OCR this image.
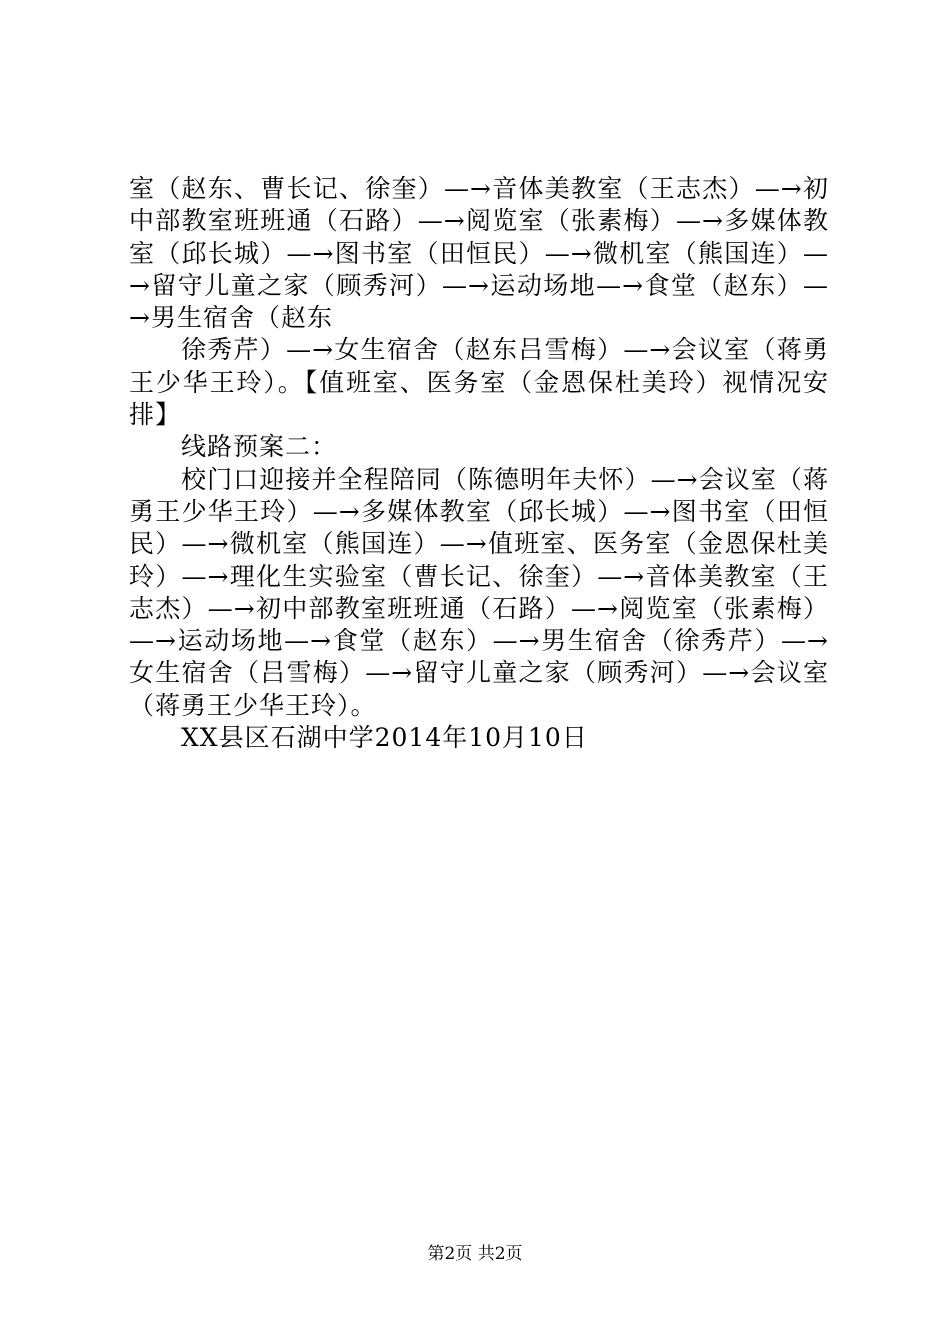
室（赵东、曹长记、徐奎）—→音体美教室（王志杰）—→初中部教室班班通（石路）—→阅览室（张素梅）—→多媒体教室（邱长城）—→图书室（田恒民）—→微机室（熊国连）—→留守儿童之家（顾秀河）—→运动场地—→食堂（赵东）—→男生宿舍（赵东

徐秀芹）—→女生宿舍（赵东吕雪梅）—→会议室（蒋勇王少华王玲）。【值班室、医务室（金恩保杜美玲）视情况安排】

线路预案二：

校门口迎接并全程陪同（陈德明年夫怀）—→会议室（蒋勇王少华王玲）—→多媒体教室（邱长城）—→图书室（田恒民）—→微机室（熊国连）—→值班室、医务室（金恩保杜美玲）—→理化生实验室（曹长记、徐奎）—→音体美教室（王志杰）—→初中部教室班班通（石路）—→阅览室（张素梅）—→运动场地—→食堂（赵东）—→男生宿舍（徐秀芹）—→女生宿舍（吕雪梅）—→留守儿童之家（顾秀河）—→会议室（蒋勇王少华王玲）。

XX县区石湖中学2014年10月10日

第2页 共2页
